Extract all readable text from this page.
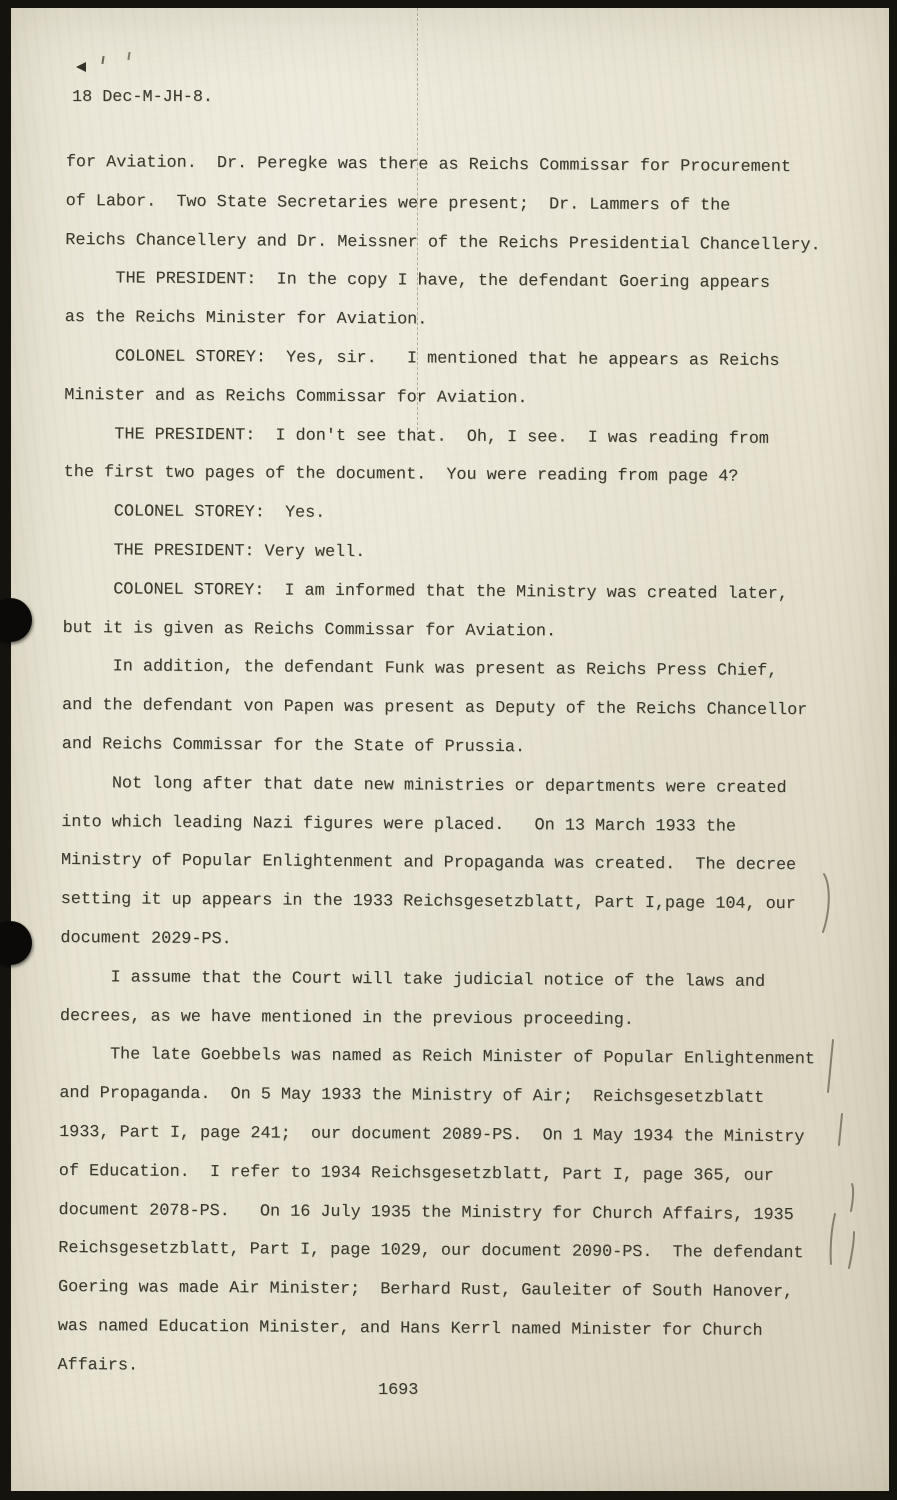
18 Dec-M-JH-8.
for Aviation.  Dr. Peregke was there as Reichs Commissar for Procurement
of Labor.  Two State Secretaries were present;  Dr. Lammers of the
Reichs Chancellery and Dr. Meissner of the Reichs Presidential Chancellery.
THE PRESIDENT:  In the copy I have, the defendant Goering appears
as the Reichs Minister for Aviation.
COLONEL STOREY:  Yes, sir.   I mentioned that he appears as Reichs
Minister and as Reichs Commissar for Aviation.
THE PRESIDENT:  I don't see that.  Oh, I see.  I was reading from
the first two pages of the document.  You were reading from page 4?
COLONEL STOREY:  Yes.
THE PRESIDENT: Very well.
COLONEL STOREY:  I am informed that the Ministry was created later,
but it is given as Reichs Commissar for Aviation.
In addition, the defendant Funk was present as Reichs Press Chief,
and the defendant von Papen was present as Deputy of the Reichs Chancellor
and Reichs Commissar for the State of Prussia.
Not long after that date new ministries or departments were created
into which leading Nazi figures were placed.   On 13 March 1933 the
Ministry of Popular Enlightenment and Propaganda was created.  The decree
setting it up appears in the 1933 Reichsgesetzblatt, Part I,page 104, our
document 2029-PS.
I assume that the Court will take judicial notice of the laws and
decrees, as we have mentioned in the previous proceeding.
The late Goebbels was named as Reich Minister of Popular Enlightenment
and Propaganda.  On 5 May 1933 the Ministry of Air;  Reichsgesetzblatt
1933, Part I, page 241;  our document 2089-PS.  On 1 May 1934 the Ministry
of Education.  I refer to 1934 Reichsgesetzblatt, Part I, page 365, our
document 2078-PS.   On 16 July 1935 the Ministry for Church Affairs, 1935
Reichsgesetzblatt, Part I, page 1029, our document 2090-PS.  The defendant
Goering was made Air Minister;  Berhard Rust, Gauleiter of South Hanover,
was named Education Minister, and Hans Kerrl named Minister for Church
Affairs.
1693
